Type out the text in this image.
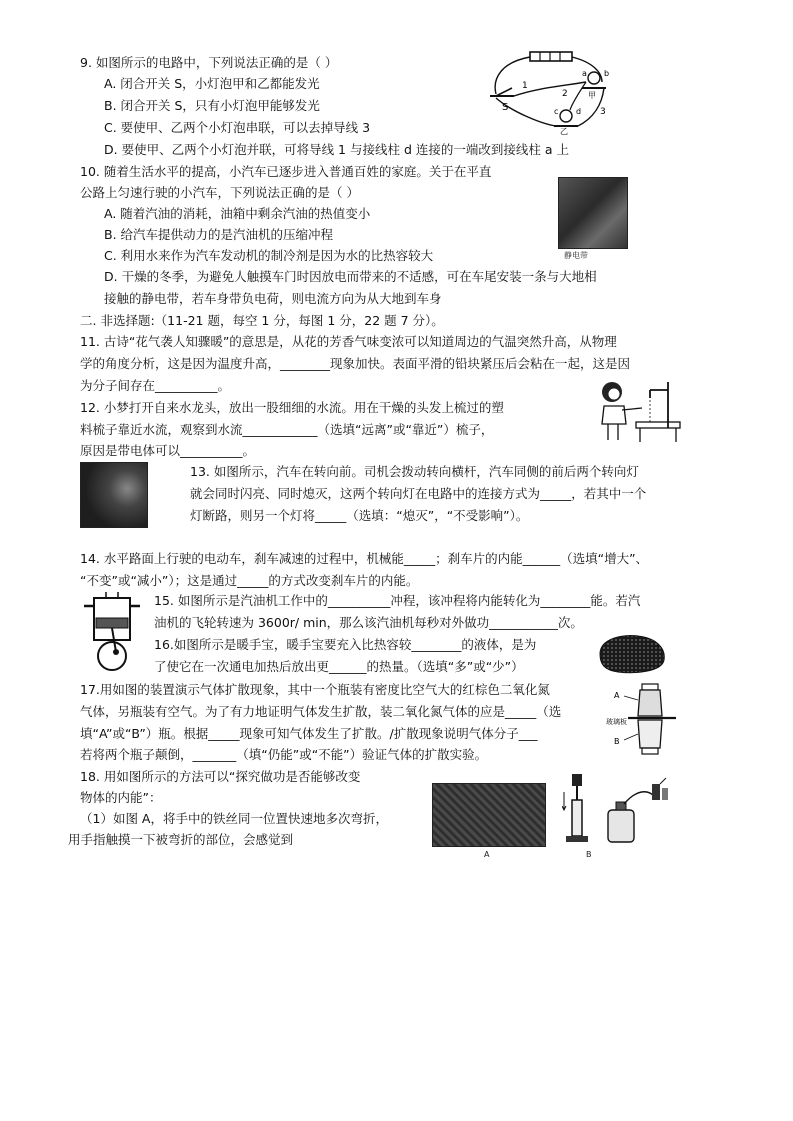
9. 如图所示的电路中，下列说法正确的是（ ）
A. 闭合开关 S，小灯泡甲和乙都能发光
B. 闭合开关 S，只有小灯泡甲能够发光
C. 要使甲、乙两个小灯泡串联，可以去掉导线 3
D. 要使甲、乙两个小灯泡并联，可将导线 1 与接线柱 d 连接的一端改到接线柱 a 上
S
1
2
3
a b
c d
甲
乙
10. 随着生活水平的提高，小汽车已逐步进入普通百姓的家庭。关于在平直
公路上匀速行驶的小汽车，下列说法正确的是（ ）
A. 随着汽油的消耗，油箱中剩余汽油的热值变小
B. 给汽车提供动力的是汽油机的压缩冲程
C. 利用水来作为汽车发动机的制冷剂是因为水的比热容较大
D. 干燥的冬季，为避免人触摸车门时因放电而带来的不适感，可在车尾安装一条与大地相
接触的静电带，若车身带负电荷，则电流方向为从大地到车身
静电带
二. 非选择题:（11-21 题，每空 1 分，每图 1 分，22 题 7 分）。
11. 古诗“花气袭人知骤暖”的意思是，从花的芳香气味变浓可以知道周边的气温突然升高，从物理
学的角度分析，这是因为温度升高，________现象加快。表面平滑的铅块紧压后会粘在一起，这是因
为分子间存在__________。
12. 小梦打开自来水龙头，放出一股细细的水流。用在干燥的头发上梳过的塑
料梳子靠近水流，观察到水流____________（选填“远离”或“靠近”）梳子，
原因是带电体可以__________。
13. 如图所示，汽车在转向前。司机会拨动转向横杆，汽车同侧的前后两个转向灯
就会同时闪亮、同时熄灭，这两个转向灯在电路中的连接方式为_____，若其中一个
灯断路，则另一个灯将_____（选填：“熄灭”，“不受影响”）。
14. 水平路面上行驶的电动车，刹车减速的过程中，机械能_____；刹车片的内能______（选填“增大”、
“不变”或“减小”）；这是通过_____的方式改变刹车片的内能。
15. 如图所示是汽油机工作中的__________冲程，该冲程将内能转化为________能。若汽
油机的飞轮转速为 3600r/ min，那么该汽油机每秒对外做功___________次。
16.如图所示是暖手宝，暖手宝要充入比热容较________的液体，是为
了使它在一次通电加热后放出更______的热量。（选填“多”或“少”）
17.用如图的装置演示气体扩散现象，其中一个瓶装有密度比空气大的红棕色二氧化氮
气体，另瓶装有空气。为了有力地证明气体发生扩散，装二氧化氮气体的应是_____（选
填“A”或“B”）瓶。根据_____现象可知气体发生了扩散。/扩散现象说明气体分子___
若将两个瓶子颠倒，_______（填“仍能”或“不能”）验证气体的扩散实验。
A
玻璃板
B
18. 用如图所示的方法可以“探究做功是否能够改变
物体的内能”：
（1）如图 A，将手中的铁丝同一位置快速地多次弯折，
用手指触摸一下被弯折的部位，会感觉到
A	B
